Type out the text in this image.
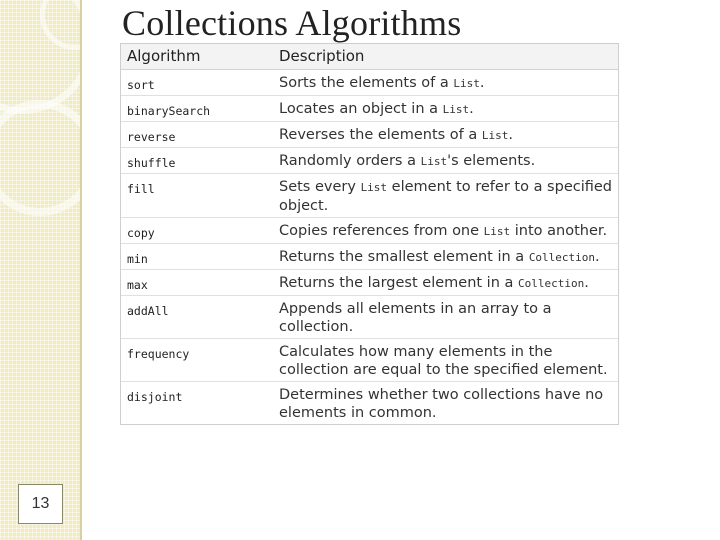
13
Collections Algorithms
Algorithm	Description
sort	Sorts the elements of a List.
binarySearch	Locates an object in a List.
reverse	Reverses the elements of a List.
shuffle	Randomly orders a List's elements.
fill	Sets every List element to refer to a specified object.
copy	Copies references from one List into another.
min	Returns the smallest element in a Collection.
max	Returns the largest element in a Collection.
addAll	Appends all elements in an array to a collection.
frequency	Calculates how many elements in the collection are equal to the specified element.
disjoint	Determines whether two collections have no elements in common.
